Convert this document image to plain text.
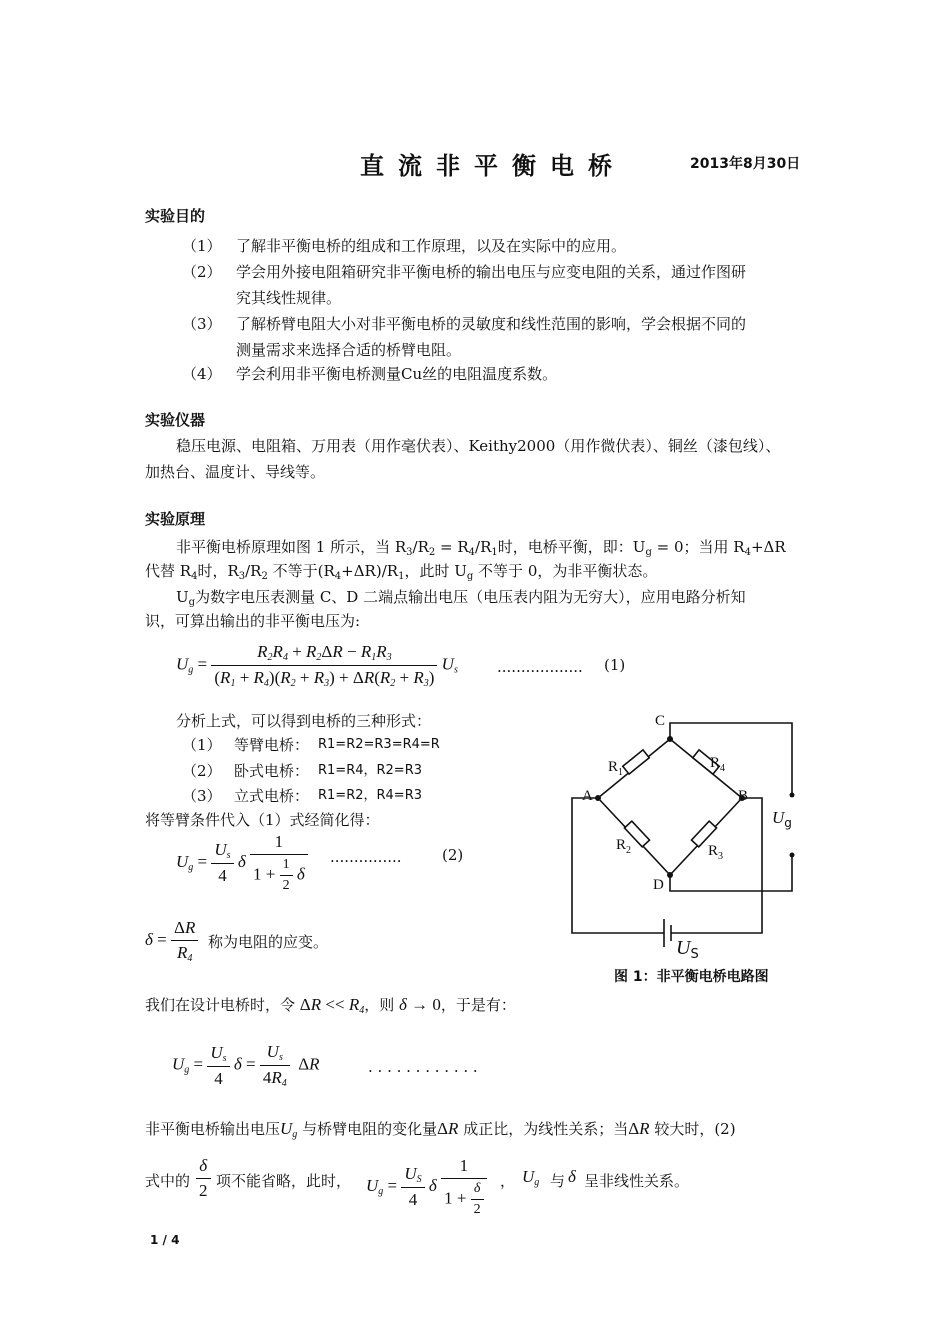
直流非平衡电桥	2013年8月30日
实验目的
（1） 了解非平衡电桥的组成和工作原理，以及在实际中的应用。
（2） 学会用外接电阻箱研究非平衡电桥的输出电压与应变电阻的关系，通过作图研
究其线性规律。
（3） 了解桥臂电阻大小对非平衡电桥的灵敏度和线性范围的影响，学会根据不同的
测量需求来选择合适的桥臂电阻。
（4） 学会利用非平衡电桥测量Cu丝的电阻温度系数。
实验仪器
稳压电源、电阻箱、万用表（用作毫伏表）、Keithy2000（用作微伏表）、铜丝（漆包线）、
加热台、温度计、导线等。
实验原理
非平衡电桥原理如图 1 所示，当 $R_3/R_2 = R_4/R_1$时，电桥平衡，即：$U_g = 0$；当用 $R_4+\Delta R$
代替 $R_4$时，$R_3/R_2$ 不等于$(R_4+\Delta R)/R_1$，此时 $U_g$ 不等于 0，为非平衡状态。
$U_g$为数字电压表测量 C、D 二端点输出电压（电压表内阻为无穷大），应用电路分析知
识，可算出输出的非平衡电压为:
$U_g = \frac{R_2R_4 + R_2\Delta R - R_1R_3}{(R_1 + R_4)(R_2 + R_3) + \Delta R(R_2 + R_3)} U_s$	.................. (1)
分析上式，可以得到电桥的三种形式：
（1） 等臂电桥： R1=R2=R3=R4=R
（2） 卧式电桥： R1=R4，R2=R3
（3） 立式电桥： R1=R2，R4=R3
将等臂条件代入（1）式经简化得：
$U_g = \frac{U_s}{4}$ δ $\frac{1}{1 + \frac{1}{2} \delta}$ ...............	(2)
$\delta = \frac{\Delta R}{R_4}$ 称为电阻的应变。
我们在设计电桥时，令 $\Delta R << R_4$，则 δ → 0，于是有：
$U_g = \frac{U_s}{4}$ $\delta = \frac{U_s}{4R_4}$ ΔR	. . . . . . . . . . . .
非平衡电桥输出电压$U_g$ 与桥臂电阻的变化量ΔR 成正比，为线性关系；当ΔR 较大时，(2)
式中的 $\frac{\delta}{2}$ 项不能省略，此时， $U_g = \frac{U_S}{4}$ δ $\frac{1}{1 + \frac{\delta}{2}}$ ， $U_g$ 与 δ 呈非线性关系。
C
A	B
D
$R_1$
$R_4$
$R_2$	$R_3$
$U_g$
$U_S$
图 1：非平衡电桥电路图
1 / 4
